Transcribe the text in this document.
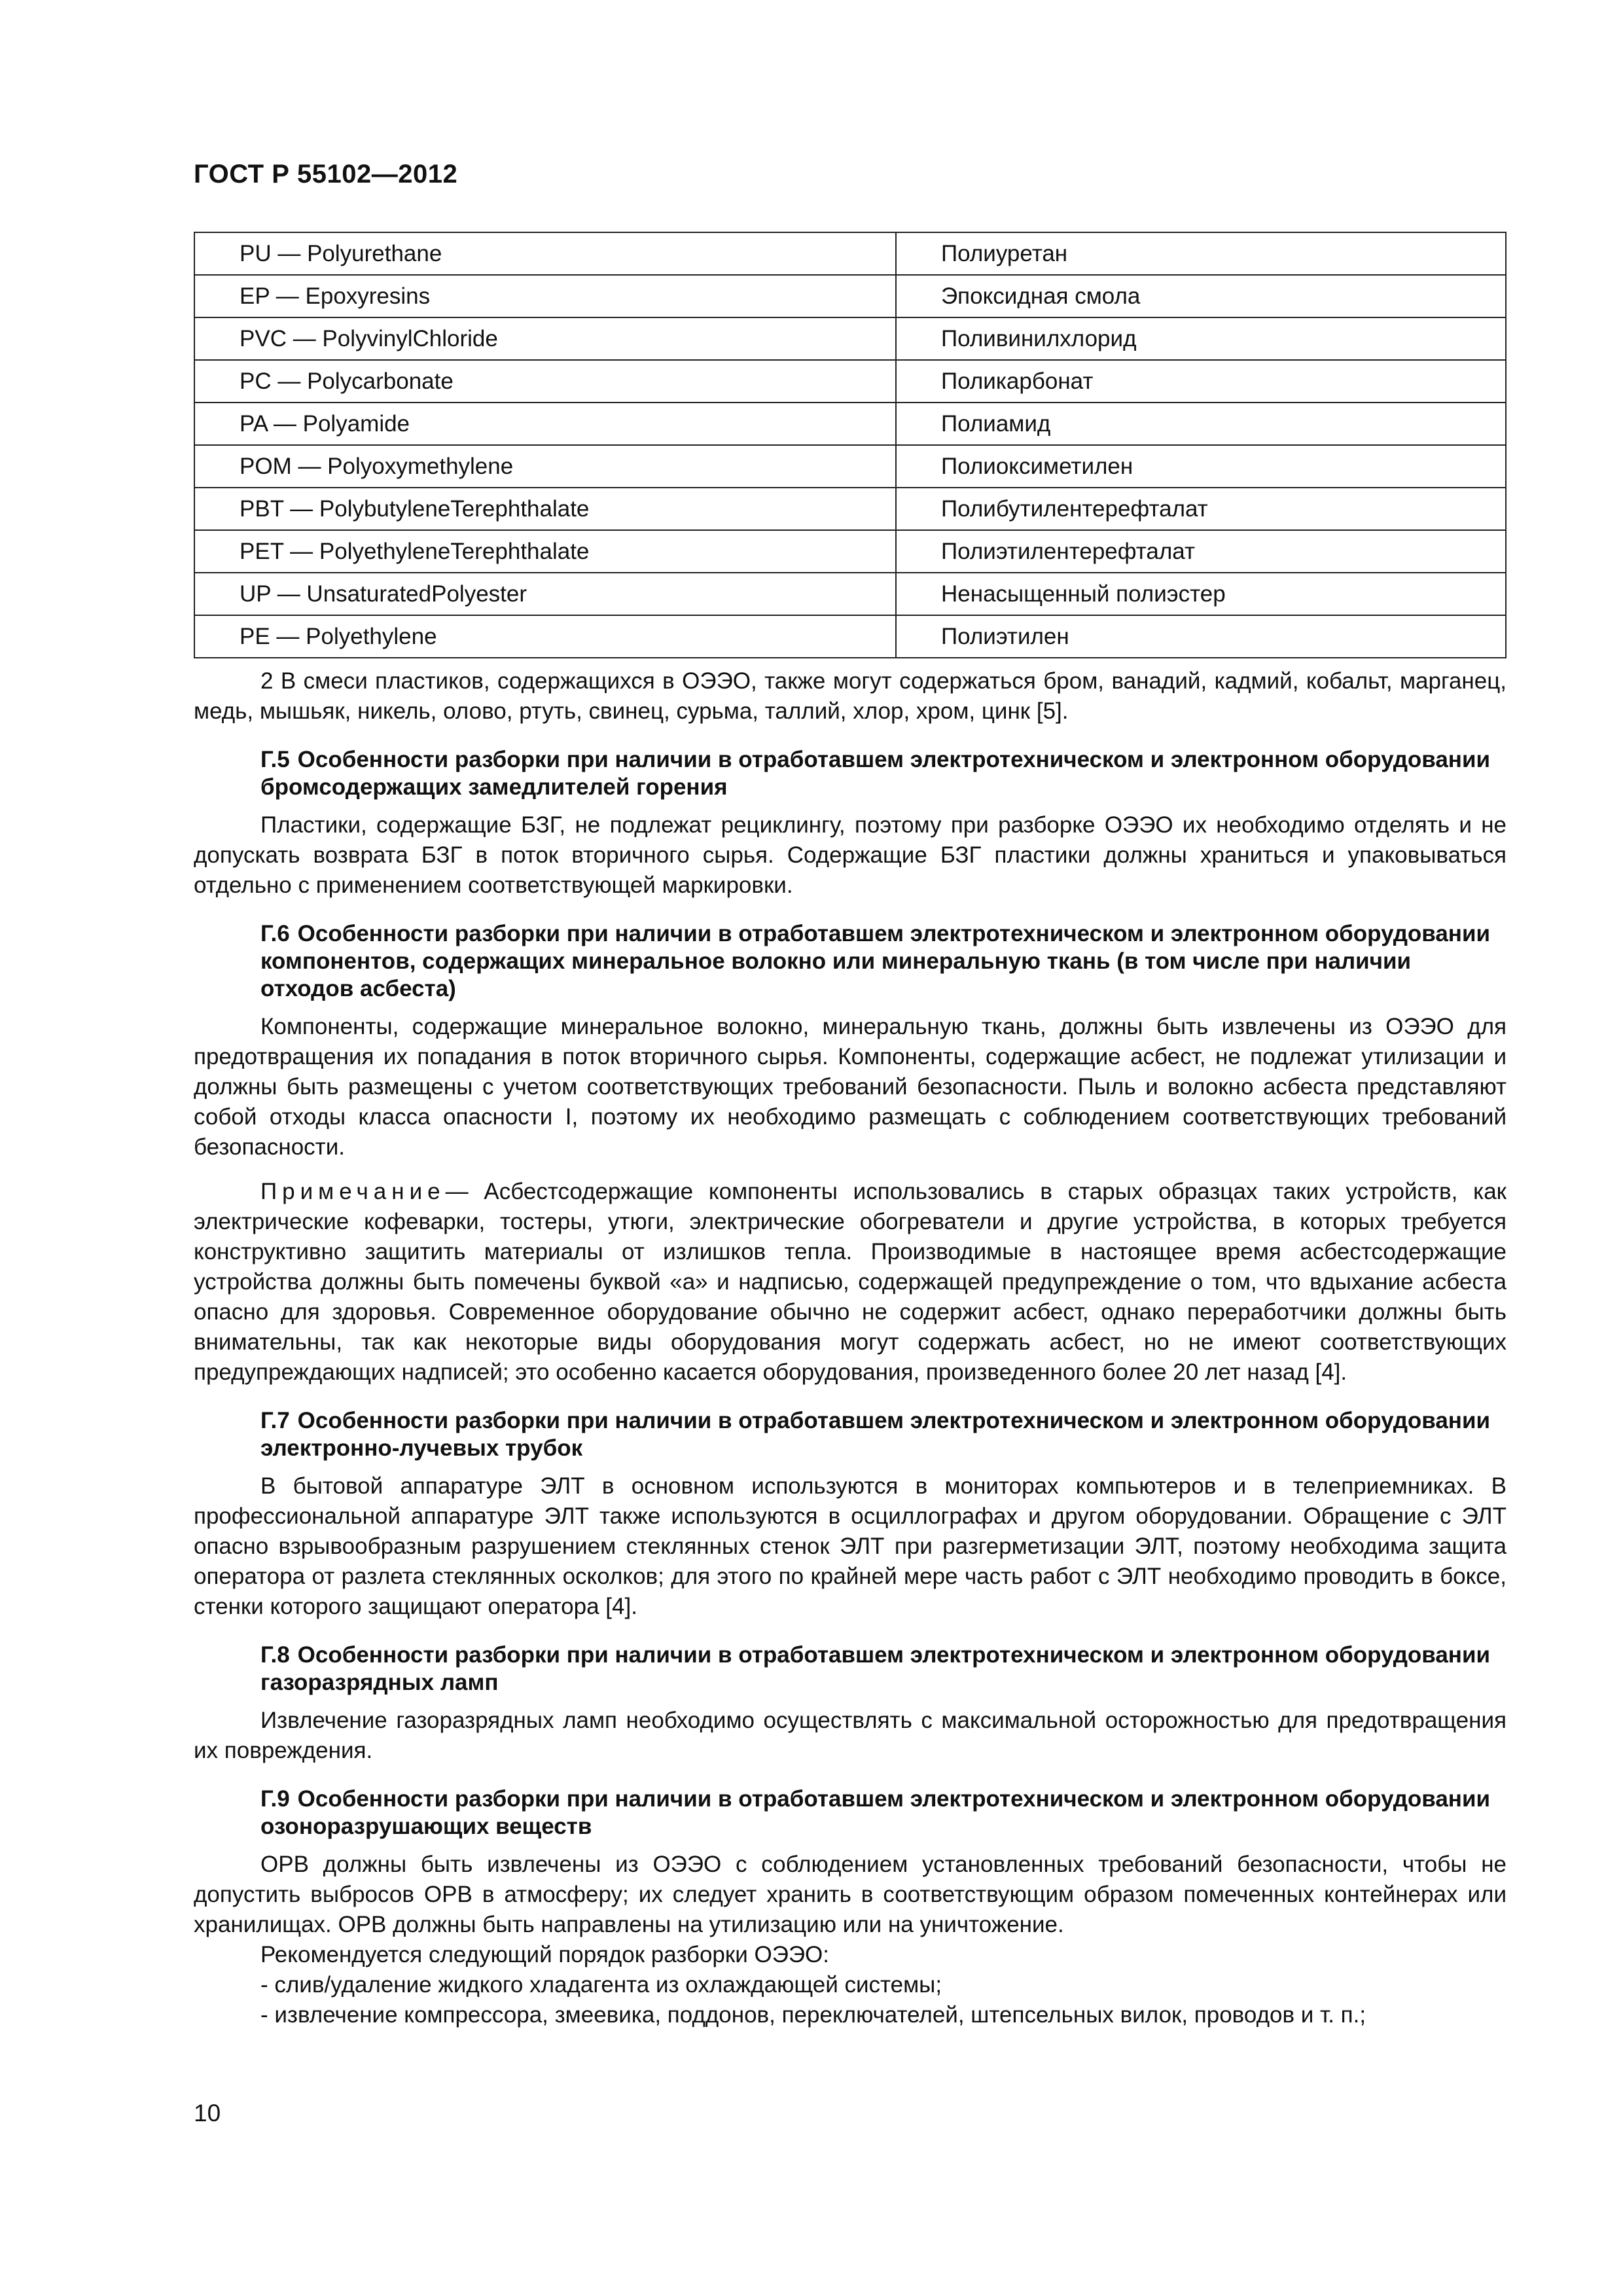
ГОСТ Р 55102—2012
PU — Polyurethane	Полиуретан
EP — Epoxyresins	Эпоксидная смола
PVC — PolyvinylChloride	Поливинилхлорид
PC — Polycarbonate	Поликарбонат
PA — Polyamide	Полиамид
POM — Polyoxymethylene	Полиоксиметилен
PBT — PolybutyleneTerephthalate	Полибутилентерефталат
PET — PolyethyleneTerephthalate	Полиэтилентерефталат
UP — UnsaturatedPolyester	Ненасыщенный полиэстер
PE — Polyethylene	Полиэтилен

2 В смеси пластиков, содержащихся в ОЭЭО, также могут содержаться бром, ванадий, кадмий, кобальт, марганец, медь, мышьяк, никель, олово, ртуть, свинец, сурьма, таллий, хлор, хром, цинк [5].

Г.5 Особенности разборки при наличии в отработавшем электротехническом и электронном оборудовании бромсодержащих замедлителей горения

Пластики, содержащие БЗГ, не подлежат рециклингу, поэтому при разборке ОЭЭО их необходимо отделять и не допускать возврата БЗГ в поток вторичного сырья. Содержащие БЗГ пластики должны храниться и упаковываться отдельно с применением соответствующей маркировки.

Г.6 Особенности разборки при наличии в отработавшем электротехническом и электронном оборудовании компонентов, содержащих минеральное волокно или минеральную ткань (в том числе при наличии отходов асбеста)

Компоненты, содержащие минеральное волокно, минеральную ткань, должны быть извлечены из ОЭЭО для предотвращения их попадания в поток вторичного сырья. Компоненты, содержащие асбест, не подлежат утилизации и должны быть размещены с учетом соответствующих требований безопасности. Пыль и волокно асбеста представляют собой отходы класса опасности I, поэтому их необходимо размещать с соблюдением соответствующих требований безопасности.

Примечание— Асбестсодержащие компоненты использовались в старых образцах таких устройств, как электрические кофеварки, тостеры, утюги, электрические обогреватели и другие устройства, в которых требуется конструктивно защитить материалы от излишков тепла. Производимые в настоящее время асбестсодержащие устройства должны быть помечены буквой «а» и надписью, содержащей предупреждение о том, что вдыхание асбеста опасно для здоровья. Современное оборудование обычно не содержит асбест, однако переработчики должны быть внимательны, так как некоторые виды оборудования могут содержать асбест, но не имеют соответствующих предупреждающих надписей; это особенно касается оборудования, произведенного более 20 лет назад [4].

Г.7 Особенности разборки при наличии в отработавшем электротехническом и электронном оборудовании электронно-лучевых трубок

В бытовой аппаратуре ЭЛТ в основном используются в мониторах компьютеров и в телеприемниках. В профессиональной аппаратуре ЭЛТ также используются в осциллографах и другом оборудовании. Обращение с ЭЛТ опасно взрывообразным разрушением стеклянных стенок ЭЛТ при разгерметизации ЭЛТ, поэтому необходима защита оператора от разлета стеклянных осколков; для этого по крайней мере часть работ с ЭЛТ необходимо проводить в боксе, стенки которого защищают оператора [4].

Г.8 Особенности разборки при наличии в отработавшем электротехническом и электронном оборудовании газоразрядных ламп

Извлечение газоразрядных ламп необходимо осуществлять с максимальной осторожностью для предотвращения их повреждения.

Г.9 Особенности разборки при наличии в отработавшем электротехническом и электронном оборудовании озоноразрушающих веществ

ОРВ должны быть извлечены из ОЭЭО с соблюдением установленных требований безопасности, чтобы не допустить выбросов ОРВ в атмосферу; их следует хранить в соответствующим образом помеченных контейнерах или хранилищах. ОРВ должны быть направлены на утилизацию или на уничтожение.

Рекомендуется следующий порядок разборки ОЭЭО:
- слив/удаление жидкого хладагента из охлаждающей системы;
- извлечение компрессора, змеевика, поддонов, переключателей, штепсельных вилок, проводов и т. п.;
10
